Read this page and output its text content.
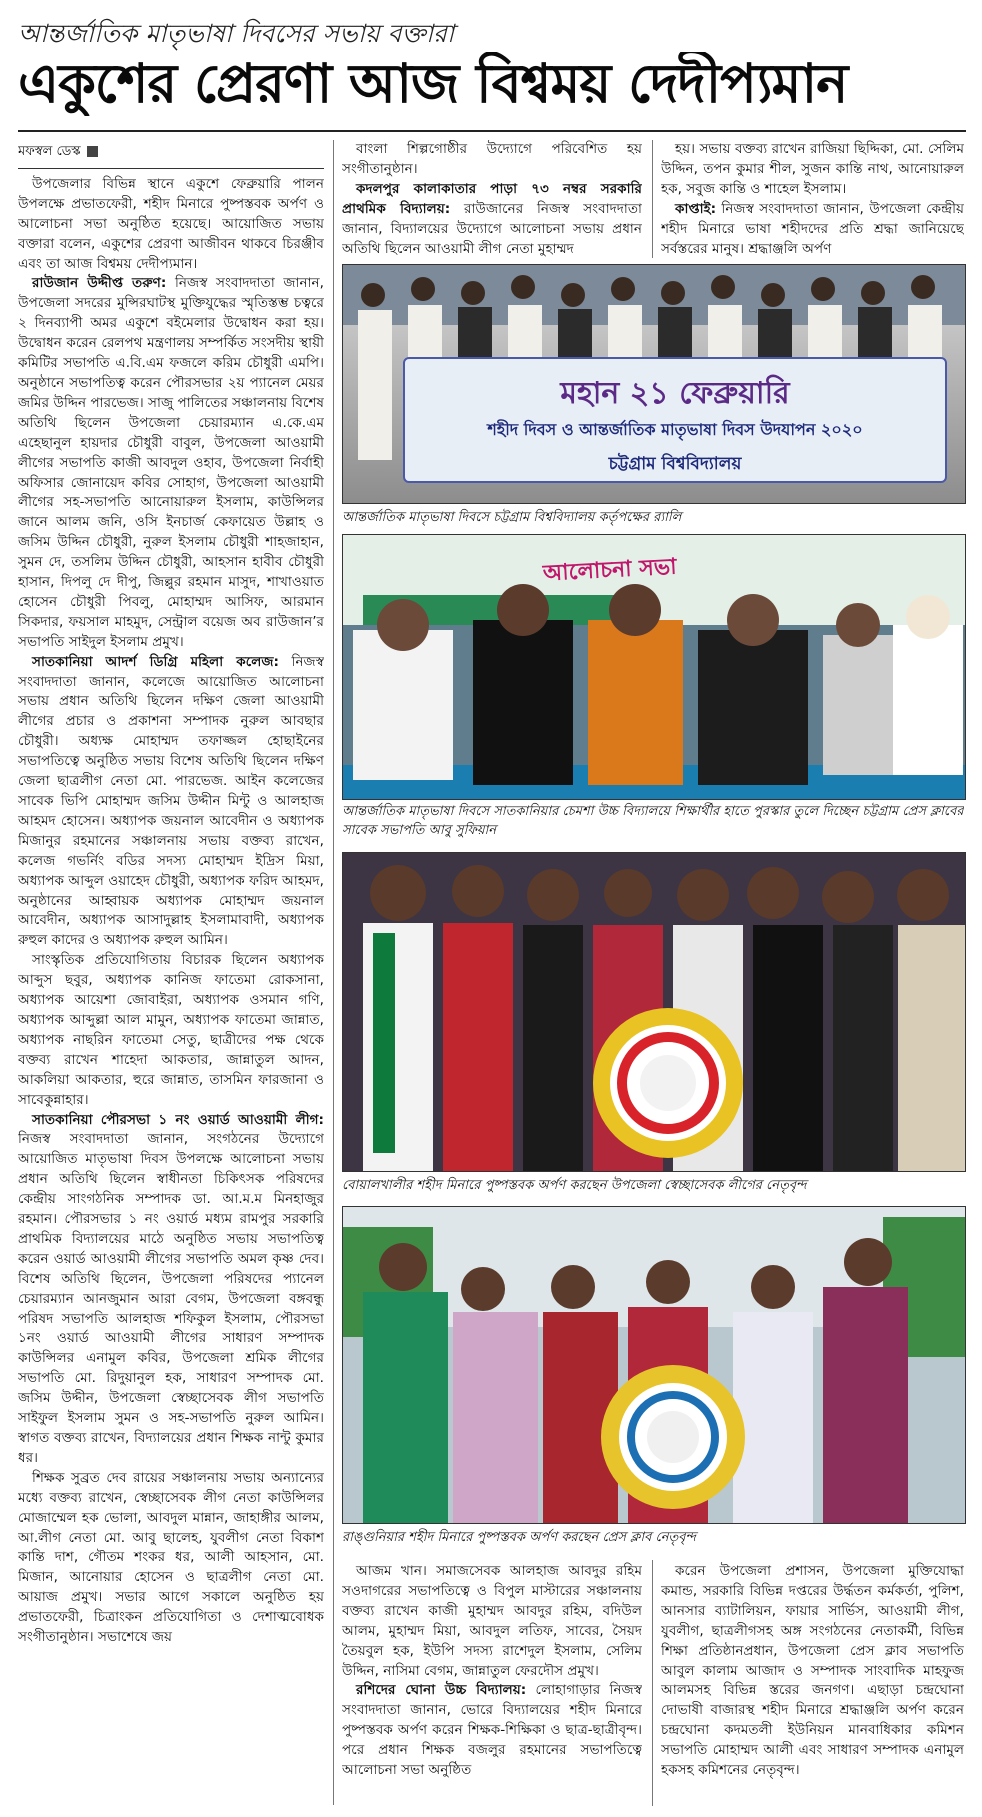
আন্তর্জাতিক মাতৃভাষা দিবসের সভায় বক্তারা
একুশের প্রেরণা আজ বিশ্বময় দেদীপ্যমান
মফস্বল ডেস্ক

উপজেলার বিভিন্ন স্থানে একুশে ফেব্রুয়ারি পালন উপলক্ষে প্রভাতফেরী, শহীদ মিনারে পুষ্পস্তবক অর্পণ ও আলোচনা সভা অনুষ্ঠিত হয়েছে। আয়োজিত সভায় বক্তারা বলেন, একুশের প্রেরণা আজীবন থাকবে চিরঞ্জীব এবং তা আজ বিশ্বময় দেদীপ্যমান।

রাউজান উদ্দীপ্ত তরুণ: নিজস্ব সংবাদদাতা জানান, উপজেলা সদরের মুন্সিরঘাটস্থ মুক্তিযুদ্ধের স্মৃতিস্তম্ভ চত্বরে ২ দিনব্যাপী অমর একুশে বইমেলার উদ্বোধন করা হয়। উদ্বোধন করেন রেলপথ মন্ত্রণালয় সম্পর্কিত সংসদীয় স্থায়ী কমিটির সভাপতি এ.বি.এম ফজলে করিম চৌধুরী এমপি। অনুষ্ঠানে সভাপতিত্ব করেন পৌরসভার ২য় প্যানেল মেয়র জমির উদ্দিন পারভেজ। সাজু পালিতের সঞ্চালনায় বিশেষ অতিথি ছিলেন উপজেলা চেয়ারম্যান এ.কে.এম এহেছানুল হায়দার চৌধুরী বাবুল, উপজেলা আওয়ামী লীগের সভাপতি কাজী আবদুল ওহাব, উপজেলা নির্বাহী অফিসার জোনায়েদ কবির সোহাগ, উপজেলা আওয়ামী লীগের সহ-সভাপতি আনোয়ারুল ইসলাম, কাউন্সিলর জানে আলম জনি, ওসি ইনচার্জ কেফায়েত উল্লাহ ও জসিম উদ্দিন চৌধুরী, নুরুল ইসলাম চৌধুরী শাহজাহান, সুমন দে, তসলিম উদ্দিন চৌধুরী, আহসান হাবীব চৌধুরী হাসান, দিপলু দে দীপু, জিল্লুর রহমান মাসুদ, শাখাওয়াত হোসেন চৌধুরী পিবলু, মোহাম্মদ আসিফ, আরমান সিকদার, ফয়সাল মাহমুদ, সেন্ট্রাল বয়েজ অব রাউজান’র সভাপতি সাইদুল ইসলাম প্রমুখ।

সাতকানিয়া আদর্শ ডিগ্রি মহিলা কলেজ: নিজস্ব সংবাদদাতা জানান, কলেজে আয়োজিত আলোচনা সভায় প্রধান অতিথি ছিলেন দক্ষিণ জেলা আওয়ামী লীগের প্রচার ও প্রকাশনা সম্পাদক নুরুল আবছার চৌধুরী। অধ্যক্ষ মোহাম্মদ তফাজ্জল হোছাইনের সভাপতিত্বে অনুষ্ঠিত সভায় বিশেষ অতিথি ছিলেন দক্ষিণ জেলা ছাত্রলীগ নেতা মো. পারভেজ. আইন কলেজের সাবেক ভিপি মোহাম্মদ জসিম উদ্দীন মিন্টু ও আলহাজ আহমদ হোসেন। অধ্যাপক জয়নাল আবেদীন ও অধ্যাপক মিজানুর রহমানের সঞ্চালনায় সভায় বক্তব্য রাখেন, কলেজ গভর্নিং বডির সদস্য মোহাম্মদ ইদ্রিস মিয়া, অধ্যাপক আব্দুল ওয়াহেদ চৌধুরী, অধ্যাপক ফরিদ আহমদ, অনুষ্ঠানের আহ্বায়ক অধ্যাপক মোহাম্মদ জয়নাল আবেদীন, অধ্যাপক আসাদুল্লাহ ইসলামাবাদী, অধ্যাপক রুহুল কাদের ও অধ্যাপক রুহুল আমিন।

সাংস্কৃতিক প্রতিযোগিতায় বিচারক ছিলেন অধ্যাপক আব্দুস ছবুর, অধ্যাপক কানিজ ফাতেমা রোকসানা, অধ্যাপক আয়েশা জোবাইরা, অধ্যাপক ওসমান গণি, অধ্যাপক আব্দুল্লা আল মামুন, অধ্যাপক ফাতেমা জান্নাত, অধ্যাপক নাছরিন ফাতেমা সেতু, ছাত্রীদের পক্ষ থেকে বক্তব্য রাখেন শাহেদা আকতার, জান্নাতুল আদন, আকলিয়া আকতার, হুরে জান্নাত, তাসমিন ফারজানা ও সাবেকুন্নাহার।

সাতকানিয়া পৌরসভা ১ নং ওয়ার্ড আওয়ামী লীগ: নিজস্ব সংবাদদাতা জানান, সংগঠনের উদ্যোগে আয়োজিত মাতৃভাষা দিবস উপলক্ষে আলোচনা সভায় প্রধান অতিথি ছিলেন স্বাধীনতা চিকিৎসক পরিষদের কেন্দ্রীয় সাংগঠনিক সম্পাদক ডা. আ.ম.ম মিনহাজুর রহমান। পৌরসভার ১ নং ওয়ার্ড মধ্যম রামপুর সরকারি প্রাথমিক বিদ্যালয়ের মাঠে অনুষ্ঠিত সভায় সভাপতিত্ব করেন ওয়ার্ড আওয়ামী লীগের সভাপতি অমল কৃষ্ণ দেব। বিশেষ অতিথি ছিলেন, উপজেলা পরিষদের প্যানেল চেয়ারম্যান আনজুমান আরা বেগম, উপজেলা বঙ্গবন্ধু পরিষদ সভাপতি আলহাজ শফিকুল ইসলাম, পৌরসভা ১নং ওয়ার্ড আওয়ামী লীগের সাধারণ সম্পাদক কাউন্সিলর এনামুল কবির, উপজেলা শ্রমিক লীগের সভাপতি মো. রিদুয়ানুল হক, সাধারণ সম্পাদক মো. জসিম উদ্দীন, উপজেলা স্বেচ্ছাসেবক লীগ সভাপতি সাইফুল ইসলাম সুমন ও সহ-সভাপতি নুরুল আমিন। স্বাগত বক্তব্য রাখেন, বিদ্যালয়ের প্রধান শিক্ষক নান্টু কুমার ধর।

শিক্ষক সুব্রত দেব রায়ের সঞ্চালনায় সভায় অন্যান্যের মধ্যে বক্তব্য রাখেন, স্বেচ্ছাসেবক লীগ নেতা কাউন্সিলর মোজাম্মেল হক ভোলা, আবদুল মান্নান, জাহাঙ্গীর আলম, আ.লীগ নেতা মো. আবু ছালেহ, যুবলীগ নেতা বিকাশ কান্তি দাশ, গৌতম শংকর ধর, আলী আহসান, মো. মিজান, আনোয়ার হোসেন ও ছাত্রলীগ নেতা মো. আয়াজ প্রমুখ। সভার আগে সকালে অনুষ্ঠিত হয় প্রভাতফেরী, চিত্রাংকন প্রতিযোগিতা ও দেশাত্মবোধক সংগীতানুষ্ঠান। সভাশেষে জয়

বাংলা শিল্পগোষ্ঠীর উদ্যোগে পরিবেশিত হয় সংগীতানুষ্ঠান।

কদলপুর কালাকাতার পাড়া ৭৩ নম্বর সরকারি প্রাথমিক বিদ্যালয়: রাউজানের নিজস্ব সংবাদদাতা জানান, বিদ্যালয়ের উদ্যোগে আলোচনা সভায় প্রধান অতিথি ছিলেন আওয়ামী লীগ নেতা মুহাম্মদ

হয়। সভায় বক্তব্য রাখেন রাজিয়া ছিদ্দিকা, মো. সেলিম উদ্দিন, তপন কুমার শীল, সুজন কান্তি নাথ, আনোয়ারুল হক, সবুজ কান্তি ও শাহেল ইসলাম।

কাপ্তাই: নিজস্ব সংবাদদাতা জানান, উপজেলা কেন্দ্রীয় শহীদ মিনারে ভাষা শহীদদের প্রতি শ্রদ্ধা জানিয়েছে সর্বস্তরের মানুষ। শ্রদ্ধাঞ্জলি অর্পণ

মহান ২১ ফেব্রুয়ারি
শহীদ দিবস ও আন্তর্জাতিক মাতৃভাষা দিবস উদযাপন ২০২০
চট্টগ্রাম বিশ্ববিদ্যালয়
আন্তর্জাতিক মাতৃভাষা দিবসে চট্টগ্রাম বিশ্ববিদ্যালয় কর্তৃপক্ষের র‌্যালি
আলোচনা সভা
আন্তর্জাতিক মাতৃভাষা দিবসে সাতকানিয়ার চেমশা উচ্চ বিদ্যালয়ে শিক্ষার্থীর হাতে পুরস্কার তুলে দিচ্ছেন চট্টগ্রাম প্রেস ক্লাবের সাবেক সভাপতি আবু সুফিয়ান
বোয়ালখালীর শহীদ মিনারে পুষ্পস্তবক অর্পণ করছেন উপজেলা স্বেচ্ছাসেবক লীগের নেতৃবৃন্দ
রাঙ্গুনিয়ার শহীদ মিনারে পুষ্পস্তবক অর্পণ করছেন প্রেস ক্লাব নেতৃবৃন্দ

আজম খান। সমাজসেবক আলহাজ আবদুর রহিম সওদাগরের সভাপতিত্বে ও বিপুল মাস্টারের সঞ্চালনায় বক্তব্য রাখেন কাজী মুহাম্মদ আবদুর রহিম, বদিউল আলম, মুহাম্মদ মিয়া, আবদুল লতিফ, সাবের, সৈয়দ তৈয়বুল হক, ইউপি সদস্য রাশেদুল ইসলাম, সেলিম উদ্দিন, নাসিমা বেগম, জান্নাতুল ফেরদৌস প্রমুখ।

রশিদের ঘোনা উচ্চ বিদ্যালয়: লোহাগাড়ার নিজস্ব সংবাদদাতা জানান, ভোরে বিদ্যালয়ের শহীদ মিনারে পুষ্পস্তবক অর্পণ করেন শিক্ষক-শিক্ষিকা ও ছাত্র-ছাত্রীবৃন্দ। পরে প্রধান শিক্ষক বজলুর রহমানের সভাপতিত্বে আলোচনা সভা অনুষ্ঠিত

করেন উপজেলা প্রশাসন, উপজেলা মুক্তিযোদ্ধা কমান্ড, সরকারি বিভিন্ন দপ্তরের উর্দ্ধতন কর্মকর্তা, পুলিশ, আনসার ব্যাটালিয়ন, ফায়ার সার্ভিস, আওয়ামী লীগ, যুবলীগ, ছাত্রলীগসহ অঙ্গ সংগঠনের নেতাকর্মী, বিভিন্ন শিক্ষা প্রতিষ্ঠানপ্রধান, উপজেলা প্রেস ক্লাব সভাপতি আবুল কালাম আজাদ ও সম্পাদক সাংবাদিক মাহফুজ আলমসহ বিভিন্ন স্তরের জনগণ। এছাড়া চন্দ্রঘোনা দোভাষী বাজারস্থ শহীদ মিনারে শ্রদ্ধাঞ্জলি অর্পণ করেন চন্দ্রঘোনা কদমতলী ইউনিয়ন মানবাধিকার কমিশন সভাপতি মোহাম্মদ আলী এবং সাধারণ সম্পাদক এনামুল হকসহ কমিশনের নেতৃবৃন্দ।
